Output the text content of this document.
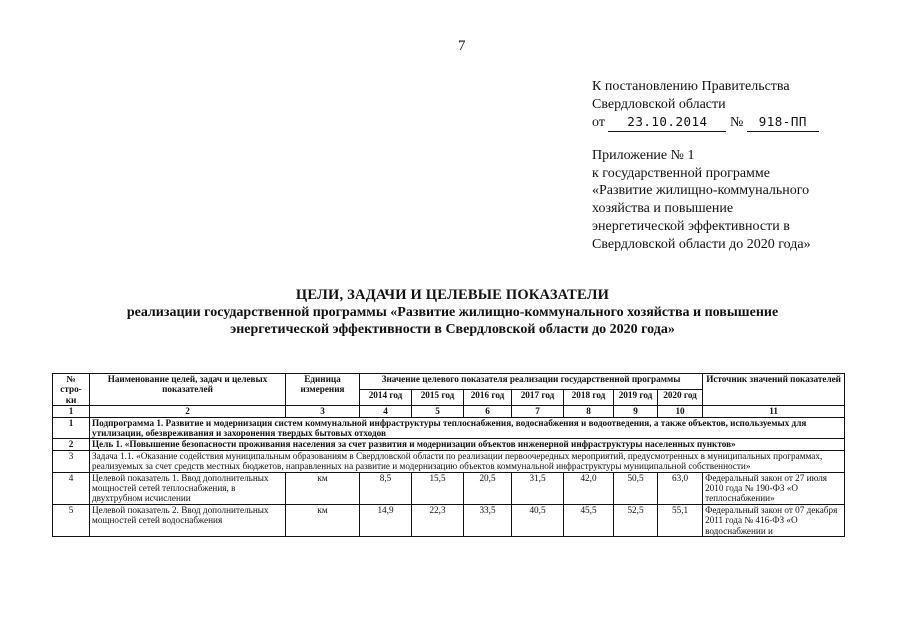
7
К постановлению Правительства
Свердловской области
от 23.10.2014 № 918-ПП
Приложение № 1
к государственной программе
«Развитие жилищно-коммунального
хозяйства и повышение
энергетической эффективности в
Свердловской области до 2020 года»
ЦЕЛИ, ЗАДАЧИ И ЦЕЛЕВЫЕ ПОКАЗАТЕЛИ
реализации государственной программы «Развитие жилищно-коммунального хозяйства и повышение
энергетической эффективности в Свердловской области до 2020 года»
№ стро-ки	Наименование целей, задач и целевых показателей	Единица измерения	Значение целевого показателя реализации государственной программы							Источник значений показателей
			2014 год	2015 год	2016 год	2017 год	2018 год	2019 год	2020 год	
1	2	3	4	5	6	7	8	9	10	11
1	Подпрограмма 1. Развитие и модернизация систем коммунальной инфраструктуры теплоснабжения, водоснабжения и водоотведения, а также объектов, используемых для утилизации, обезвреживания и захоронения твердых бытовых отходов									
2	Цель 1. «Повышение безопасности проживания населения за счет развития и модернизации объектов инженерной инфраструктуры населенных пунктов»									
3	Задача 1.1. «Оказание содействия муниципальным образованиям в Свердловской области по реализации первоочередных мероприятий, предусмотренных в муниципальных программах, реализуемых за счет средств местных бюджетов, направленных на развитие и модернизацию объектов коммунальной инфраструктуры муниципальной собственности»									
4	Целевой показатель 1. Ввод дополнительных мощностей сетей теплоснабжения, в двухтрубном исчислении	км	8,5	15,5	20,5	31,5	42,0	50,5	63,0	Федеральный закон от 27 июля 2010 года № 190-ФЗ «О теплоснабжении»
5	Целевой показатель 2. Ввод дополнительных мощностей сетей водоснабжения	км	14,9	22,3	33,5	40,5	45,5	52,5	55,1	Федеральный закон от 07 декабря 2011 года № 416-ФЗ «О водоснабжении и
